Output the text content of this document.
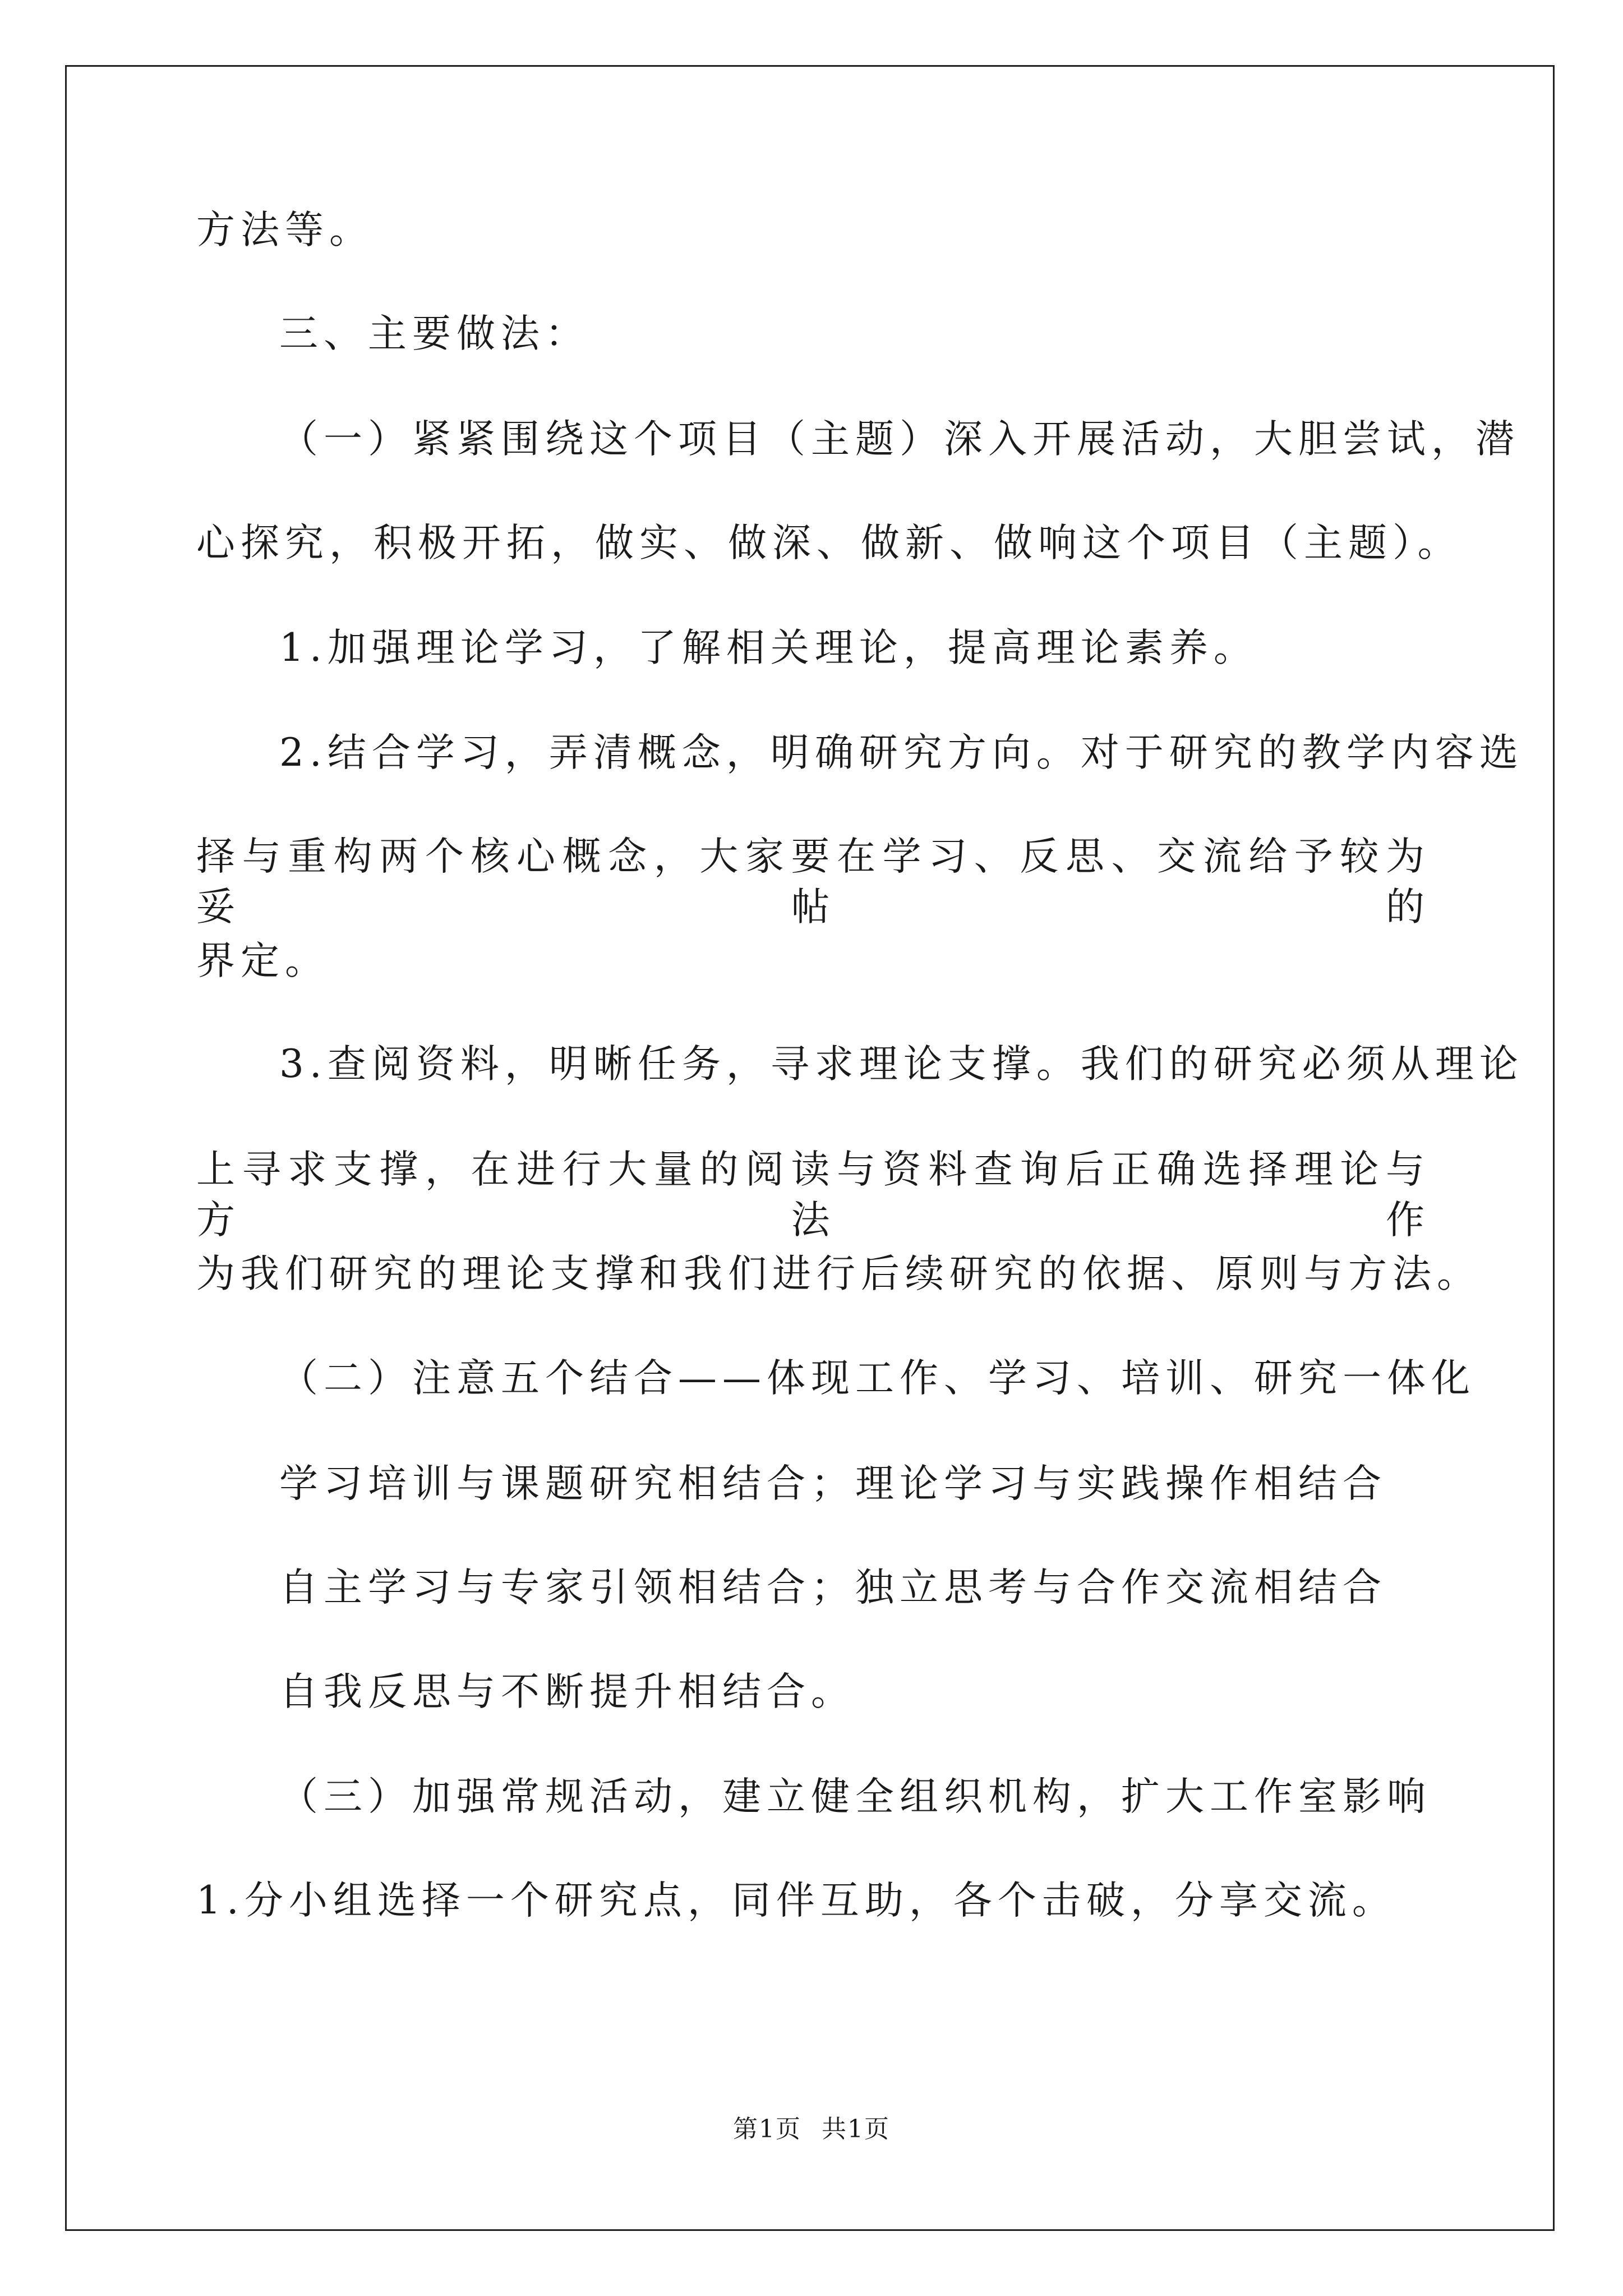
方法等。
三、主要做法：
（一）紧紧围绕这个项目（主题）深入开展活动，大胆尝试，潜
心探究，积极开拓，做实、做深、做新、做响这个项目（主题）。
1.加强理论学习，了解相关理论，提高理论素养。
2.结合学习，弄清概念，明确研究方向。对于研究的教学内容选
择与重构两个核心概念，大家要在学习、反思、交流给予较为妥帖的
界定。
3.查阅资料，明晰任务，寻求理论支撑。我们的研究必须从理论
上寻求支撑，在进行大量的阅读与资料查询后正确选择理论与方法作
为我们研究的理论支撑和我们进行后续研究的依据、原则与方法。
（二）注意五个结合——体现工作、学习、培训、研究一体化
学习培训与课题研究相结合；理论学习与实践操作相结合
自主学习与专家引领相结合；独立思考与合作交流相结合
自我反思与不断提升相结合。
（三）加强常规活动，建立健全组织机构，扩大工作室影响
1.分小组选择一个研究点，同伴互助，各个击破，分享交流。
第1页 共1页
